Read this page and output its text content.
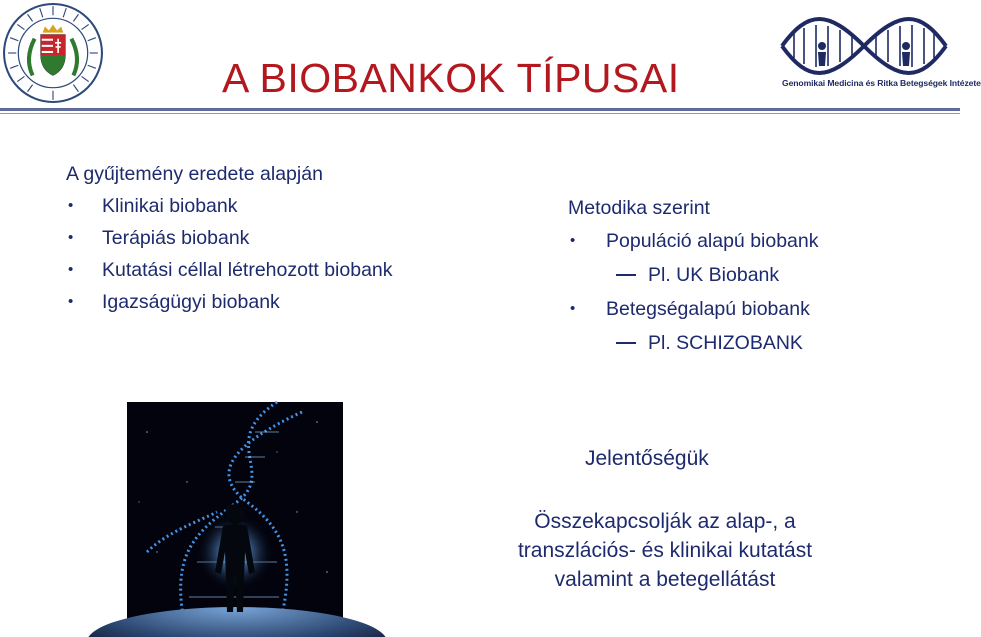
A BIOBANKOK TÍPUSAI	Genomikai Medicina és Ritka Betegségek Intézete
A gyűjtemény eredete alapján
• Klinikai biobank
• Terápiás biobank
• Kutatási céllal létrehozott biobank
• Igazságügyi biobank
Metodika szerint
• Populáció alapú biobank
Pl. UK Biobank
• Betegségalapú biobank
Pl. SCHIZOBANK
Jelentőségük
Összekapcsolják az alap-, a
transzlációs- és klinikai kutatást
valamint a betegellátást
